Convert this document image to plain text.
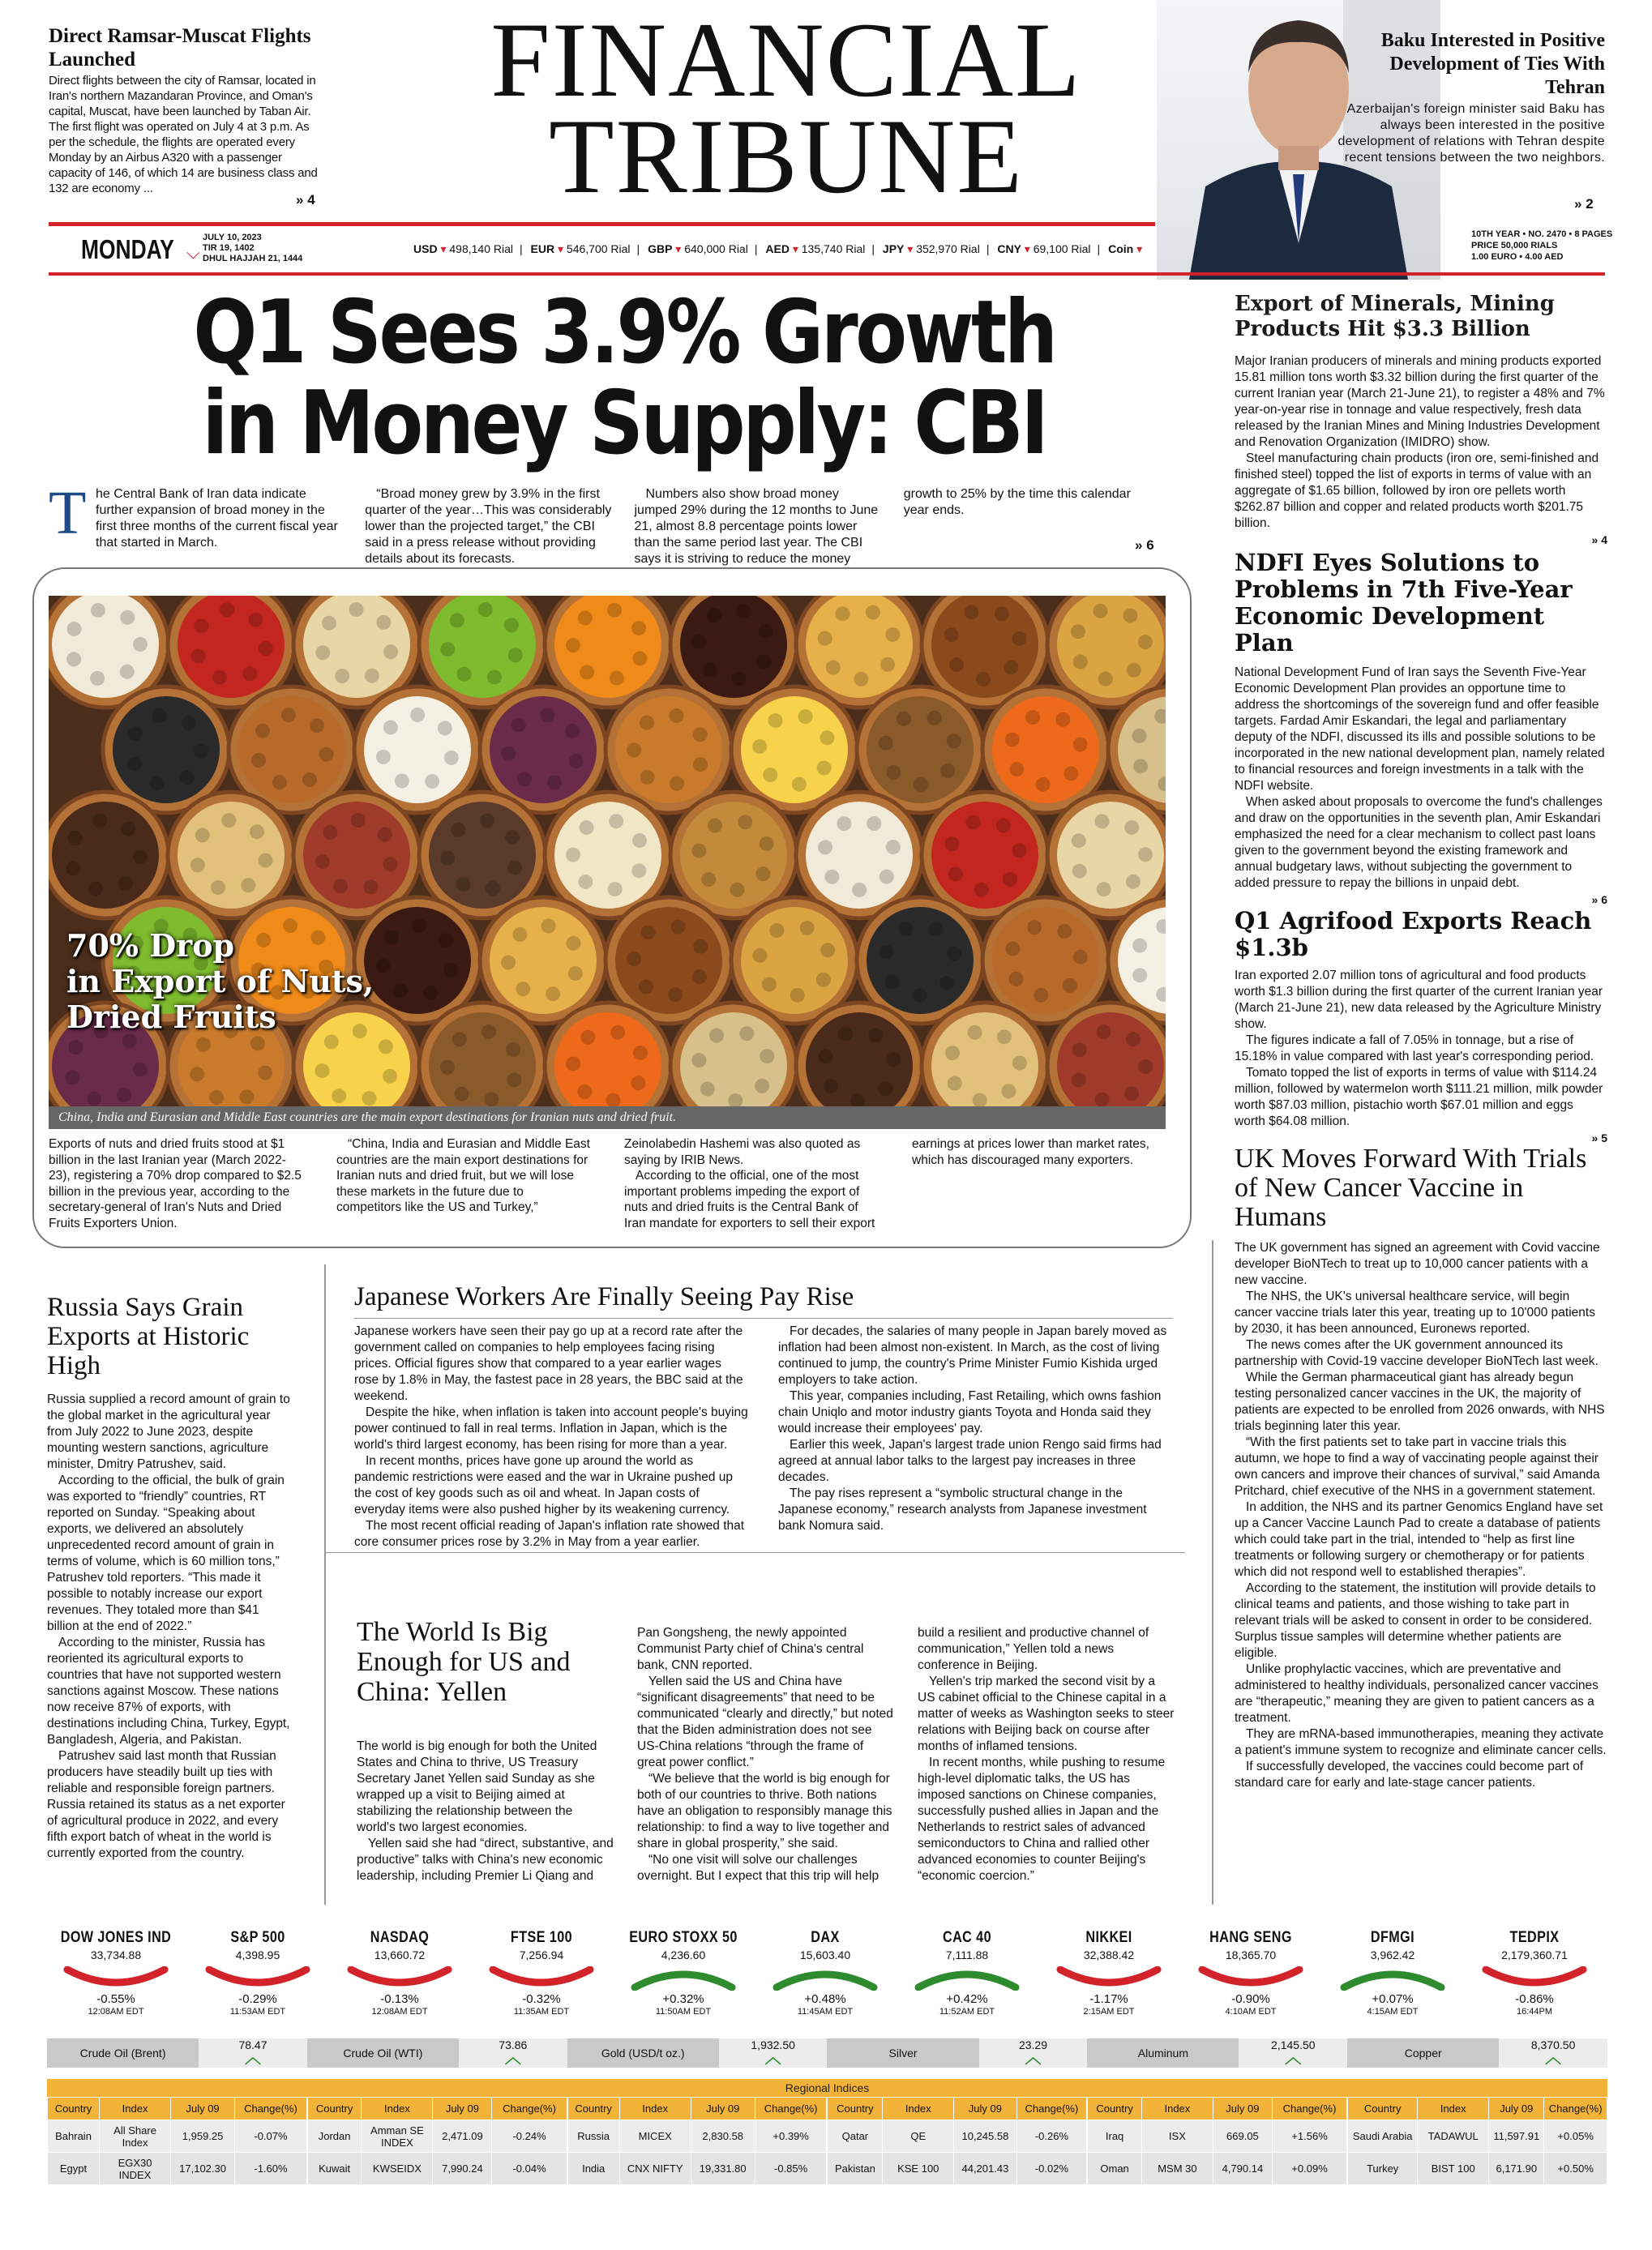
Direct Ramsar-Muscat Flights Launched
Direct flights between the city of Ramsar, located in Iran's northern Mazandaran Province, and Oman's capital, Muscat, have been launched by Taban Air. The first flight was operated on July 4 at 3 p.m. As per the schedule, the flights are operated every Monday by an Airbus A320 with a passenger capacity of 146, of which 14 are business class and 132 are economy ...
» 4
FINANCIAL
TRIBUNE
Baku Interested in Positive Development of Ties With Tehran
Azerbaijan's foreign minister said Baku has always been interested in the positive development of relations with Tehran despite recent tensions between the two neighbors.
» 2
MONDAY ⌵
JULY 10, 2023
TIR 19, 1402
DHUL HAJJAH 21, 1444
USD ▾ 498,140 Rial | EUR ▾ 546,700 Rial | GBP ▾ 640,000 Rial | AED ▾ 135,740 Rial | JPY ▾ 352,970 Rial | CNY ▾ 69,100 Rial | Coin ▾
10TH YEAR • NO. 2470 • 8 PAGES
PRICE 50,000 RIALS
1.00 EURO • 4.00 AED
Q1 Sees 3.9% Growth
in Money Supply: CBI
T he Central Bank of Iran data indicate further expansion of broad money in the first three months of the current fiscal year that started in March.

“Broad money grew by 3.9% in the first quarter of the year…This was considerably lower than the projected target,” the CBI said in a press release without providing details about its forecasts.

Numbers also show broad money jumped 29% during the 12 months to June 21, almost 8.8 percentage points lower than the same period last year. The CBI says it is striving to reduce the money growth to 25% by the time this calendar year ends.

» 6
70% Drop
in Export of Nuts,
Dried Fruits
China, India and Eurasian and Middle East countries are the main export destinations for Iranian nuts and dried fruit.

Exports of nuts and dried fruits stood at $1 billion in the last Iranian year (March 2022-23), registering a 70% drop compared to $2.5 billion in the previous year, according to the secretary-general of Iran's Nuts and Dried Fruits Exporters Union.

“China, India and Eurasian and Middle East countries are the main export destinations for Iranian nuts and dried fruit, but we will lose these markets in the future due to competitors like the US and Turkey,” Zeinolabedin Hashemi was also quoted as saying by IRIB News.

According to the official, one of the most important problems impeding the export of nuts and dried fruits is the Central Bank of Iran mandate for exporters to sell their export earnings at prices lower than market rates, which has discouraged many exporters.

Export of Minerals, Mining Products Hit $3.3 Billion

Major Iranian producers of minerals and mining products exported 15.81 million tons worth $3.32 billion during the first quarter of the current Iranian year (March 21-June 21), to register a 48% and 7% year-on-year rise in tonnage and value respectively, fresh data released by the Iranian Mines and Mining Industries Development and Renovation Organization (IMIDRO) show.

Steel manufacturing chain products (iron ore, semi-finished and finished steel) topped the list of exports in terms of value with an aggregate of $1.65 billion, followed by iron ore pellets worth $262.87 billion and copper and related products worth $201.75 billion.

» 4
NDFI Eyes Solutions to Problems in 7th Five-Year Economic Development Plan

National Development Fund of Iran says the Seventh Five-Year Economic Development Plan provides an opportune time to address the shortcomings of the sovereign fund and offer feasible targets. Fardad Amir Eskandari, the legal and parliamentary deputy of the NDFI, discussed its ills and possible solutions to be incorporated in the new national development plan, namely related to financial resources and foreign investments in a talk with the NDFI website.

When asked about proposals to overcome the fund's challenges and draw on the opportunities in the seventh plan, Amir Eskandari emphasized the need for a clear mechanism to collect past loans given to the government beyond the existing framework and annual budgetary laws, without subjecting the government to added pressure to repay the billions in unpaid debt.

» 6
Q1 Agrifood Exports Reach $1.3b

Iran exported 2.07 million tons of agricultural and food products worth $1.3 billion during the first quarter of the current Iranian year (March 21-June 21), new data released by the Agriculture Ministry show.

The figures indicate a fall of 7.05% in tonnage, but a rise of 15.18% in value compared with last year's corresponding period.

Tomato topped the list of exports in terms of value with $114.24 million, followed by watermelon worth $111.21 million, milk powder worth $87.03 million, pistachio worth $67.01 million and eggs worth $64.08 million.

» 5
UK Moves Forward With Trials of New Cancer Vaccine in Humans

The UK government has signed an agreement with Covid vaccine developer BioNTech to treat up to 10,000 cancer patients with a new vaccine.

The NHS, the UK's universal healthcare service, will begin cancer vaccine trials later this year, treating up to 10'000 patients by 2030, it has been announced, Euronews reported.

The news comes after the UK government announced its partnership with Covid-19 vaccine developer BioNTech last week.

While the German pharmaceutical giant has already begun testing personalized cancer vaccines in the UK, the majority of patients are expected to be enrolled from 2026 onwards, with NHS trials beginning later this year.

“With the first patients set to take part in vaccine trials this autumn, we hope to find a way of vaccinating people against their own cancers and improve their chances of survival,” said Amanda Pritchard, chief executive of the NHS in a government statement.

In addition, the NHS and its partner Genomics England have set up a Cancer Vaccine Launch Pad to create a database of patients which could take part in the trial, intended to “help as first line treatments or following surgery or chemotherapy or for patients which did not respond well to established therapies”.

According to the statement, the institution will provide details to clinical teams and patients, and those wishing to take part in relevant trials will be asked to consent in order to be considered. Surplus tissue samples will determine whether patients are eligible.

Unlike prophylactic vaccines, which are preventative and administered to healthy individuals, personalized cancer vaccines are “therapeutic,” meaning they are given to patient cancers as a treatment.

They are mRNA-based immunotherapies, meaning they activate a patient's immune system to recognize and eliminate cancer cells.

If successfully developed, the vaccines could become part of standard care for early and late-stage cancer patients.

Russia Says Grain Exports at Historic High

Russia supplied a record amount of grain to the global market in the agricultural year from July 2022 to June 2023, despite mounting western sanctions, agriculture minister, Dmitry Patrushev, said.

According to the official, the bulk of grain was exported to “friendly” countries, RT reported on Sunday. “Speaking about exports, we delivered an absolutely unprecedented record amount of grain in terms of volume, which is 60 million tons,” Patrushev told reporters. “This made it possible to notably increase our export revenues. They totaled more than $41 billion at the end of 2022.”

According to the minister, Russia has reoriented its agricultural exports to countries that have not supported western sanctions against Moscow. These nations now receive 87% of exports, with destinations including China, Turkey, Egypt, Bangladesh, Algeria, and Pakistan.

Patrushev said last month that Russian producers have steadily built up ties with reliable and responsible foreign partners. Russia retained its status as a net exporter of agricultural produce in 2022, and every fifth export batch of wheat in the world is currently exported from the country.

Japanese Workers Are Finally Seeing Pay Rise

Japanese workers have seen their pay go up at a record rate after the government called on companies to help employees facing rising prices. Official figures show that compared to a year earlier wages rose by 1.8% in May, the fastest pace in 28 years, the BBC said at the weekend.

Despite the hike, when inflation is taken into account people's buying power continued to fall in real terms. Inflation in Japan, which is the world's third largest economy, has been rising for more than a year.

In recent months, prices have gone up around the world as pandemic restrictions were eased and the war in Ukraine pushed up the cost of key goods such as oil and wheat. In Japan costs of everyday items were also pushed higher by its weakening currency.

The most recent official reading of Japan's inflation rate showed that core consumer prices rose by 3.2% in May from a year earlier.

For decades, the salaries of many people in Japan barely moved as inflation had been almost non-existent. In March, as the cost of living continued to jump, the country's Prime Minister Fumio Kishida urged employers to take action.

This year, companies including, Fast Retailing, which owns fashion chain Uniqlo and motor industry giants Toyota and Honda said they would increase their employees' pay.

Earlier this week, Japan's largest trade union Rengo said firms had agreed at annual labor talks to the largest pay increases in three decades.

The pay rises represent a “symbolic structural change in the Japanese economy,” research analysts from Japanese investment bank Nomura said.

The World Is Big Enough for US and China: Yellen

The world is big enough for both the United States and China to thrive, US Treasury Secretary Janet Yellen said Sunday as she wrapped up a visit to Beijing aimed at stabilizing the relationship between the world's two largest economies.

Yellen said she had “direct, substantive, and productive” talks with China's new economic leadership, including Premier Li Qiang and Pan Gongsheng, the newly appointed Communist Party chief of China's central bank, CNN reported.

Yellen said the US and China have “significant disagreements” that need to be communicated “clearly and directly,” but noted that the Biden administration does not see US-China relations “through the frame of great power conflict.”

“We believe that the world is big enough for both of our countries to thrive. Both nations have an obligation to responsibly manage this relationship: to find a way to live together and share in global prosperity,” she said.

“No one visit will solve our challenges overnight. But I expect that this trip will help build a resilient and productive channel of communication,” Yellen told a news conference in Beijing.

Yellen's trip marked the second visit by a US cabinet official to the Chinese capital in a matter of weeks as Washington seeks to steer relations with Beijing back on course after months of inflamed tensions.

In recent months, while pushing to resume high-level diplomatic talks, the US has imposed sanctions on Chinese companies, successfully pushed allies in Japan and the Netherlands to restrict sales of advanced semiconductors to China and rallied other advanced economies to counter Beijing's “economic coercion.”

DOW JONES IND
33,734.88
-0.55%
12:08AM EDT
S&P 500
4,398.95
-0.29%
11:53AM EDT
NASDAQ
13,660.72
-0.13%
12:08AM EDT
FTSE 100
7,256.94
-0.32%
11:35AM EDT
EURO STOXX 50
4,236.60
+0.32%
11:50AM EDT
DAX
15,603.40
+0.48%
11:45AM EDT
CAC 40
7,111.88
+0.42%
11:52AM EDT
NIKKEI
32,388.42
-1.17%
2:15AM EDT
HANG SENG
18,365.70
-0.90%
4:10AM EDT
DFMGI
3,962.42
+0.07%
4:15AM EDT
TEDPIX
2,179,360.71
-0.86%
16:44PM
Crude Oil (Brent)
78.47
︿	Crude Oil (WTI)
73.86
︿	Gold (USD/t oz.)
1,932.50
︿	Silver
23.29
︿	Aluminum
2,145.50
︿	Copper
8,370.50
︿
Regional Indices
Country	Index	July 09	Change(%)
Bahrain	All Share Index	1,959.25	-0.07%
Egypt	EGX30 INDEX	17,102.30	-1.60%
Country	Index	July 09	Change(%)
Jordan	Amman SE INDEX	2,471.09	-0.24%
Kuwait	KWSEIDX	7,990.24	-0.04%
Country	Index	July 09	Change(%)
Russia	MICEX	2,830.58	+0.39%
India	CNX NIFTY	19,331.80	-0.85%
Country	Index	July 09	Change(%)
Qatar	QE	10,245.58	-0.26%
Pakistan	KSE 100	44,201.43	-0.02%
Country	Index	July 09	Change(%)
Iraq	ISX	669.05	+1.56%
Oman	MSM 30	4,790.14	+0.09%
Country	Index	July 09	Change(%)
Saudi Arabia	TADAWUL	11,597.91	+0.05%
Turkey	BIST 100	6,171.90	+0.50%
